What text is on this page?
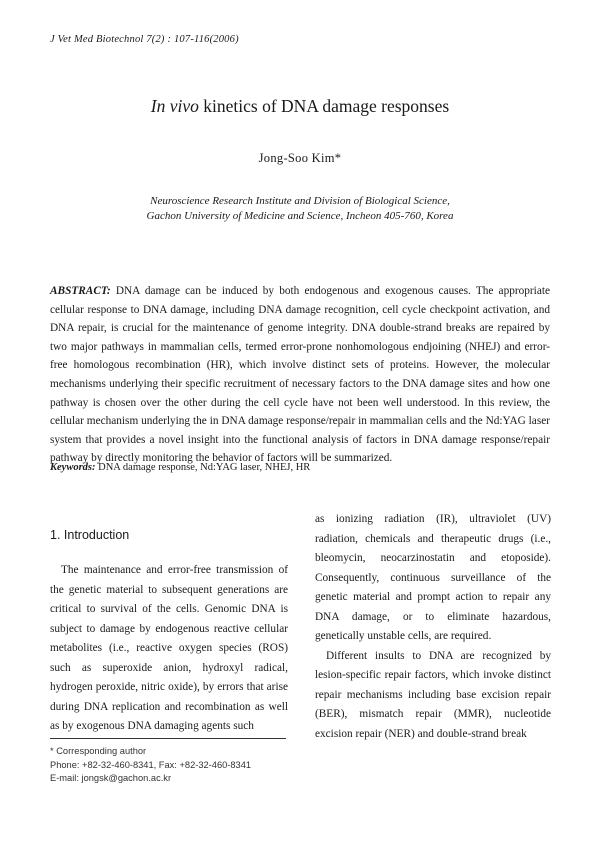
J Vet Med Biotechnol 7(2) : 107-116(2006)
In vivo kinetics of DNA damage responses
Jong-Soo Kim*
Neuroscience Research Institute and Division of Biological Science,
Gachon University of Medicine and Science, Incheon 405-760, Korea
ABSTRACT: DNA damage can be induced by both endogenous and exogenous causes. The appropriate cellular response to DNA damage, including DNA damage recognition, cell cycle checkpoint activation, and DNA repair, is crucial for the maintenance of genome integrity. DNA double-strand breaks are repaired by two major pathways in mammalian cells, termed error-prone nonhomologous endjoining (NHEJ) and error-free homologous recombination (HR), which involve distinct sets of proteins. However, the molecular mechanisms underlying their specific recruitment of necessary factors to the DNA damage sites and how one pathway is chosen over the other during the cell cycle have not been well understood. In this review, the cellular mechanism underlying the in DNA damage response/repair in mammalian cells and the Nd:YAG laser system that provides a novel insight into the functional analysis of factors in DNA damage response/repair pathway by directly monitoring the behavior of factors will be summarized.
Keywords: DNA damage response, Nd:YAG laser, NHEJ, HR
1. Introduction

The maintenance and error-free transmission of the genetic material to subsequent generations are critical to survival of the cells. Genomic DNA is subject to damage by endogenous reactive cellular metabolites (i.e., reactive oxygen species (ROS) such as superoxide anion, hydroxyl radical, hydrogen peroxide, nitric oxide), by errors that arise during DNA replication and recombination as well as by exogenous DNA damaging agents such

as ionizing radiation (IR), ultraviolet (UV) radiation, chemicals and therapeutic drugs (i.e., bleomycin, neocarzinostatin and etoposide). Consequently, continuous surveillance of the genetic material and prompt action to repair any DNA damage, or to eliminate hazardous, genetically unstable cells, are required.

Different insults to DNA are recognized by lesion-specific repair factors, which invoke distinct repair mechanisms including base excision repair (BER), mismatch repair (MMR), nucleotide excision repair (NER) and double-strand break

* Corresponding author
Phone: +82-32-460-8341, Fax: +82-32-460-8341
E-mail: jongsk@gachon.ac.kr
